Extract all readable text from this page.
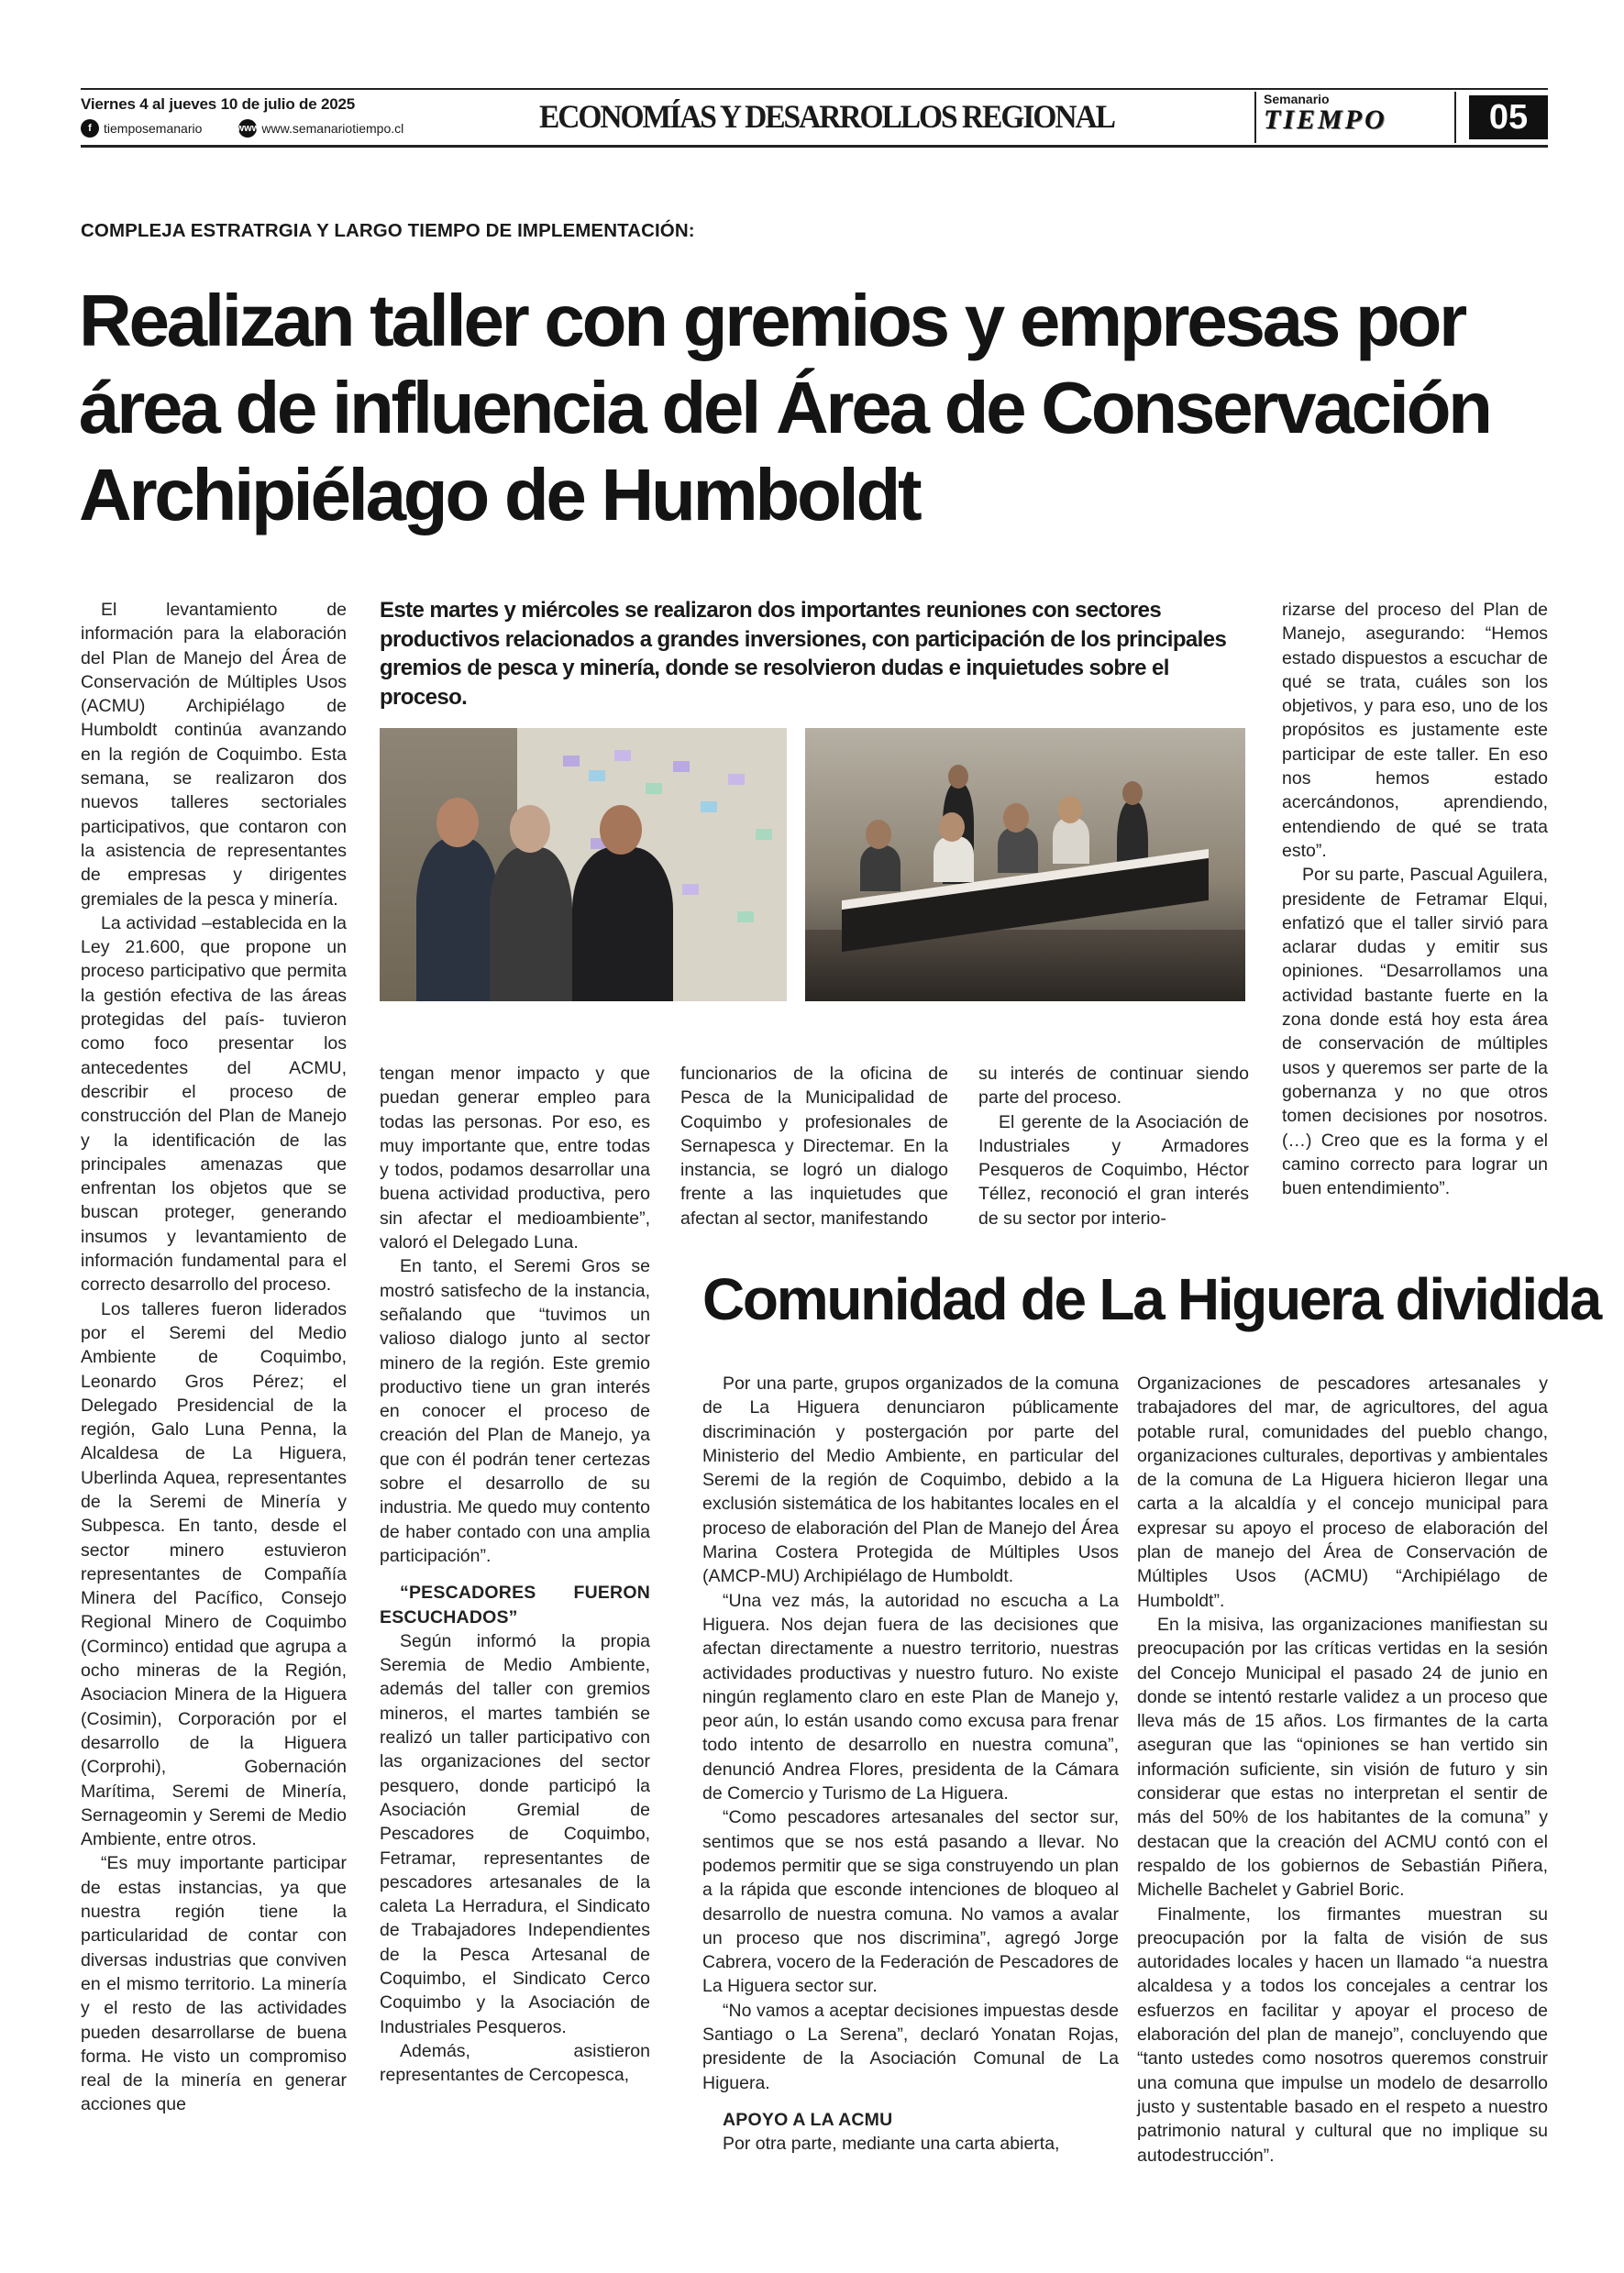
Viernes 4 al jueves 10 de julio de 2025
f tiemposemanario	www www.semanariotiempo.cl	ECONOMÍAS Y DESARROLLOS REGIONAL	Semanario
TIEMPO	05
COMPLEJA ESTRATRGIA Y LARGO TIEMPO DE IMPLEMENTACIÓN:
Realizan taller con gremios y empresas por área de influencia del Área de Conservación Archipiélago de Humboldt

El levantamiento de información para la elaboración del Plan de Manejo del Área de Conservación de Múltiples Usos (ACMU) Archipiélago de Humboldt continúa avanzando en la región de Coquimbo. Esta semana, se realizaron dos nuevos talleres sectoriales participativos, que contaron con la asistencia de representantes de empresas y dirigentes gremiales de la pesca y minería.

La actividad –establecida en la Ley 21.600, que propone un proceso participativo que permita la gestión efectiva de las áreas protegidas del país- tuvieron como foco presentar los antecedentes del ACMU, describir el proceso de construcción del Plan de Manejo y la identificación de las principales amenazas que enfrentan los objetos que se buscan proteger, generando insumos y levantamiento de información fundamental para el correcto desarrollo del proceso.

Los talleres fueron liderados por el Seremi del Medio Ambiente de Coquimbo, Leonardo Gros Pérez; el Delegado Presidencial de la región, Galo Luna Penna, la Alcaldesa de La Higuera, Uberlinda Aquea, representantes de la Seremi de Minería y Subpesca. En tanto, desde el sector minero estuvieron representantes de Compañía Minera del Pacífico, Consejo Regional Minero de Coquimbo (Corminco) entidad que agrupa a ocho mineras de la Región, Asociacion Minera de la Higuera (Cosimin), Corporación por el desarrollo de la Higuera (Corprohi), Gobernación Marítima, Seremi de Minería, Sernageomin y Seremi de Medio Ambiente, entre otros.

“Es muy importante participar de estas instancias, ya que nuestra región tiene la particularidad de contar con diversas industrias que conviven en el mismo territorio. La minería y el resto de las actividades pueden desarrollarse de buena forma. He visto un compromiso real de la minería en generar acciones que

Este martes y miércoles se realizaron dos importantes reuniones con sectores productivos relacionados a grandes inversiones, con participación de los principales gremios de pesca y minería, donde se resolvieron dudas e inquietudes sobre el proceso.

tengan menor impacto y que puedan generar empleo para todas las personas. Por eso, es muy importante que, entre todas y todos, podamos desarrollar una buena actividad productiva, pero sin afectar el medioambiente”, valoró el Delegado Luna.

En tanto, el Seremi Gros se mostró satisfecho de la instancia, señalando que “tuvimos un valioso dialogo junto al sector minero de la región. Este gremio productivo tiene un gran interés en conocer el proceso de creación del Plan de Manejo, ya que con él podrán tener certezas sobre el desarrollo de su industria. Me quedo muy contento de haber contado con una amplia participación”.

“PESCADORES FUERON ESCUCHADOS”

Según informó la propia Seremia de Medio Ambiente, además del taller con gremios mineros, el martes también se realizó un taller participativo con las organizaciones del sector pesquero, donde participó la Asociación Gremial de Pescadores de Coquimbo, Fetramar, representantes de pescadores artesanales de la caleta La Herradura, el Sindicato de Trabajadores Independientes de la Pesca Artesanal de Coquimbo, el Sindicato Cerco Coquimbo y la Asociación de Industriales Pesqueros.

Además, asistieron representantes de Cercopesca,

funcionarios de la oficina de Pesca de la Municipalidad de Coquimbo y profesionales de Sernapesca y Directemar. En la instancia, se logró un dialogo frente a las inquietudes que afectan al sector, manifestando

su interés de continuar siendo parte del proceso.

El gerente de la Asociación de Industriales y Armadores Pesqueros de Coquimbo, Héctor Téllez, reconoció el gran interés de su sector por interio-

rizarse del proceso del Plan de Manejo, asegurando: “Hemos estado dispuestos a escuchar de qué se trata, cuáles son los objetivos, y para eso, uno de los propósitos es justamente este participar de este taller. En eso nos hemos estado acercándonos, aprendiendo, entendiendo de qué se trata esto”.

Por su parte, Pascual Aguilera, presidente de Fetramar Elqui, enfatizó que el taller sirvió para aclarar dudas y emitir sus opiniones. “Desarrollamos una actividad bastante fuerte en la zona donde está hoy esta área de conservación de múltiples usos y queremos ser parte de la gobernanza y no que otros tomen decisiones por nosotros. (…) Creo que es la forma y el camino correcto para lograr un buen entendimiento”.

Comunidad de La Higuera dividida

Por una parte, grupos organizados de la comuna de La Higuera denunciaron públicamente discriminación y postergación por parte del Ministerio del Medio Ambiente, en particular del Seremi de la región de Coquimbo, debido a la exclusión sistemática de los habitantes locales en el proceso de elaboración del Plan de Manejo del Área Marina Costera Protegida de Múltiples Usos (AMCP-MU) Archipiélago de Humboldt.

“Una vez más, la autoridad no escucha a La Higuera. Nos dejan fuera de las decisiones que afectan directamente a nuestro territorio, nuestras actividades productivas y nuestro futuro. No existe ningún reglamento claro en este Plan de Manejo y, peor aún, lo están usando como excusa para frenar todo intento de desarrollo en nuestra comuna”, denunció Andrea Flores, presidenta de la Cámara de Comercio y Turismo de La Higuera.

“Como pescadores artesanales del sector sur, sentimos que se nos está pasando a llevar. No podemos permitir que se siga construyendo un plan a la rápida que esconde intenciones de bloqueo al desarrollo de nuestra comuna. No vamos a avalar un proceso que nos discrimina”, agregó Jorge Cabrera, vocero de la Federación de Pescadores de La Higuera sector sur.

“No vamos a aceptar decisiones impuestas desde Santiago o La Serena”, declaró Yonatan Rojas, presidente de la Asociación Comunal de La Higuera.

APOYO A LA ACMU

Por otra parte, mediante una carta abierta,

Organizaciones de pescadores artesanales y trabajadores del mar, de agricultores, del agua potable rural, comunidades del pueblo chango, organizaciones culturales, deportivas y ambientales de la comuna de La Higuera hicieron llegar una carta a la alcaldía y el concejo municipal para expresar su apoyo el proceso de elaboración del plan de manejo del Área de Conservación de Múltiples Usos (ACMU) “Archipiélago de Humboldt”.

En la misiva, las organizaciones manifiestan su preocupación por las críticas vertidas en la sesión del Concejo Municipal el pasado 24 de junio en donde se intentó restarle validez a un proceso que lleva más de 15 años. Los firmantes de la carta aseguran que las “opiniones se han vertido sin información suficiente, sin visión de futuro y sin considerar que estas no interpretan el sentir de más del 50% de los habitantes de la comuna” y destacan que la creación del ACMU contó con el respaldo de los gobiernos de Sebastián Piñera, Michelle Bachelet y Gabriel Boric.

Finalmente, los firmantes muestran su preocupación por la falta de visión de sus autoridades locales y hacen un llamado “a nuestra alcaldesa y a todos los concejales a centrar los esfuerzos en facilitar y apoyar el proceso de elaboración del plan de manejo”, concluyendo que “tanto ustedes como nosotros queremos construir una comuna que impulse un modelo de desarrollo justo y sustentable basado en el respeto a nuestro patrimonio natural y cultural que no implique su autodestrucción”.
